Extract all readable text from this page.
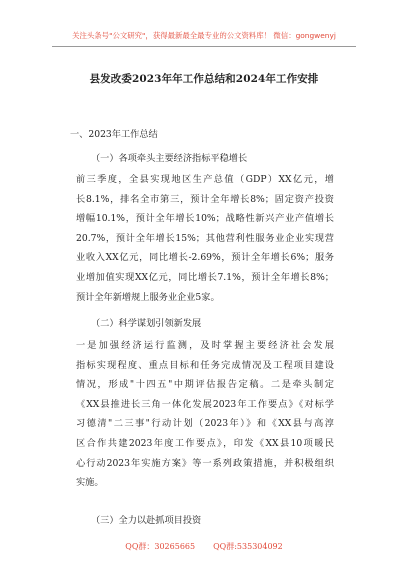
关注头条号"公文研究"，获得最新最全最专业的公文资料库！ 微信：gongwenyj
县发改委2023年年工作总结和2024年工作安排
一、2023年工作总结
（一）各项牵头主要经济指标平稳增长
前三季度，全县实现地区生产总值（GDP）XX亿元，增
长8.1%，排名全市第三，预计全年增长8%；固定资产投资
增幅10.1%，预计全年增长10%；战略性新兴产业产值增长
20.7%，预计全年增长15%；其他营利性服务业企业实现营
业收入XX亿元，同比增长-2.69%，预计全年增长6%；服务
业增加值实现XX亿元，同比增长7.1%，预计全年增长8%；
预计全年新增规上服务业企业5家。
（二）科学谋划引领新发展
一是加强经济运行监测，及时掌握主要经济社会发展
指标实现程度、重点目标和任务完成情况及工程项目建设
情况，形成"十四五"中期评估报告定稿。二是牵头制定
《XX县推进长三角一体化发展2023年工作要点》《对标学
习德清"二三事"行动计划（2023年）》和《XX县与高淳
区合作共建2023年度工作要点》，印发《XX县10项暖民
心行动2023年实施方案》等一系列政策措施，并积极组织
实施。
（三）全力以赴抓项目投资
QQ群：30265665 QQ群:535304092
